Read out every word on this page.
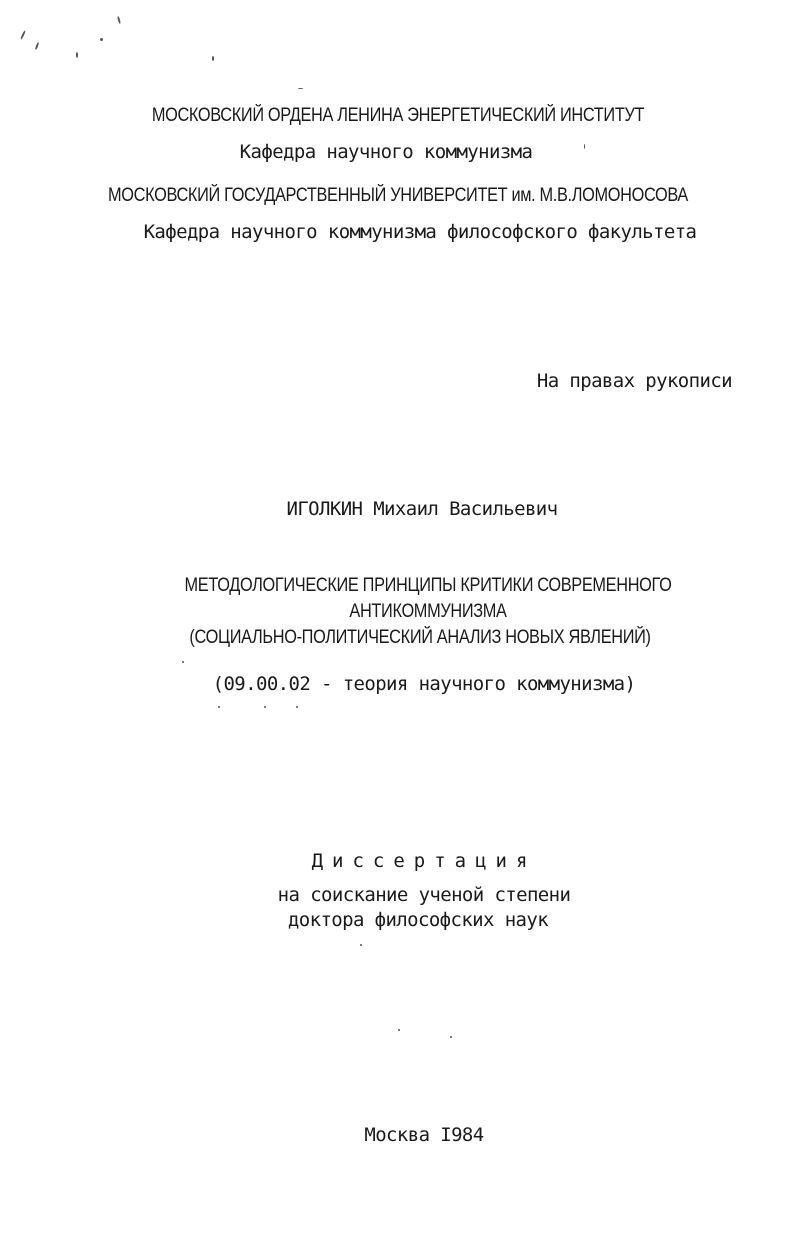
МОСКОВСКИЙ ОРДЕНА ЛЕНИНА ЭНЕРГЕТИЧЕСКИЙ ИНСТИТУТ
Кафедра научного коммунизма
МОСКОВСКИЙ ГОСУДАРСТВЕННЫЙ УНИВЕРСИТЕТ им. М.В.ЛОМОНОСОВА
Кафедра научного коммунизма философского факультета
На правах рукописи
ИГОЛКИН Михаил Васильевич
МЕТОДОЛОГИЧЕСКИЕ ПРИНЦИПЫ КРИТИКИ СОВРЕМЕННОГО
АНТИКОММУНИЗМА
(СОЦИАЛЬНО-ПОЛИТИЧЕСКИЙ АНАЛИЗ НОВЫХ ЯВЛЕНИЙ)
(09.00.02 - теория научного коммунизма)
Диссертация
на соискание ученой степени
доктора философских наук
Москва I984
